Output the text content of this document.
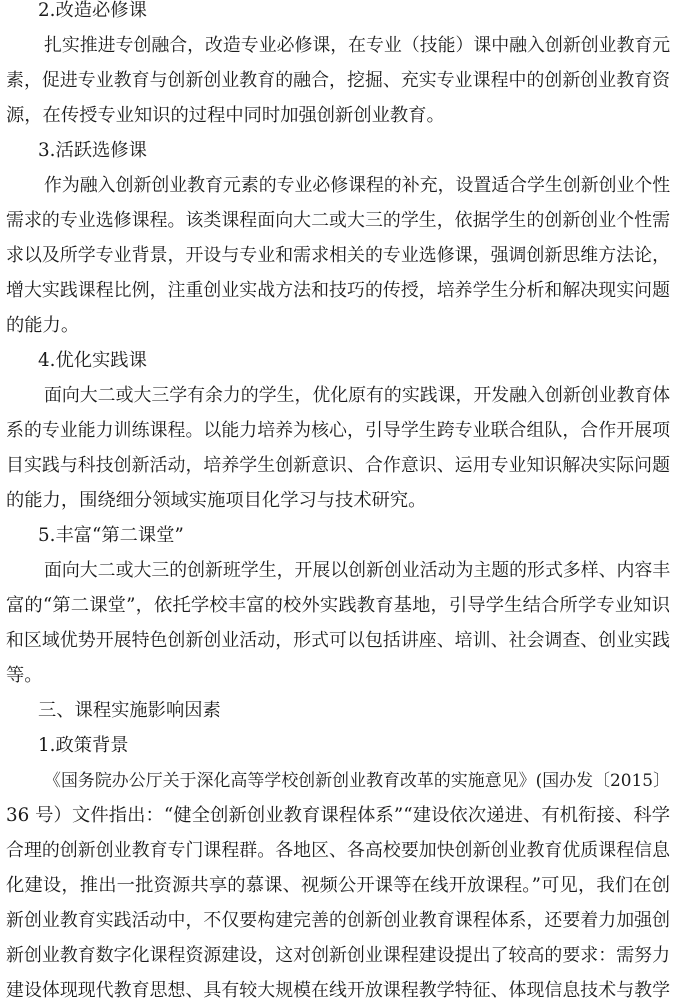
2.改造必修课
扎实推进专创融合，改造专业必修课，在专业（技能）课中融入创新创业教育元
素，促进专业教育与创新创业教育的融合，挖掘、充实专业课程中的创新创业教育资
源，在传授专业知识的过程中同时加强创新创业教育。
3.活跃选修课
作为融入创新创业教育元素的专业必修课程的补充，设置适合学生创新创业个性
需求的专业选修课程。该类课程面向大二或大三的学生，依据学生的创新创业个性需
求以及所学专业背景，开设与专业和需求相关的专业选修课，强调创新思维方法论，
增大实践课程比例，注重创业实战方法和技巧的传授，培养学生分析和解决现实问题
的能力。
4.优化实践课
面向大二或大三学有余力的学生，优化原有的实践课，开发融入创新创业教育体
系的专业能力训练课程。以能力培养为核心，引导学生跨专业联合组队，合作开展项
目实践与科技创新活动，培养学生创新意识、合作意识、运用专业知识解决实际问题
的能力，围绕细分领域实施项目化学习与技术研究。
5.丰富“第二课堂”
面向大二或大三的创新班学生，开展以创新创业活动为主题的形式多样、内容丰
富的“第二课堂”，依托学校丰富的校外实践教育基地，引导学生结合所学专业知识
和区域优势开展特色创新创业活动，形式可以包括讲座、培训、社会调查、创业实践
等。
三、课程实施影响因素
1.政策背景
《国务院办公厅关于深化高等学校创新创业教育改革的实施意见》(国办发〔2015〕
36 号）文件指出：“健全创新创业教育课程体系”“建设依次递进、有机衔接、科学
合理的创新创业教育专门课程群。各地区、各高校要加快创新创业教育优质课程信息
化建设，推出一批资源共享的慕课、视频公开课等在线开放课程。”可见，我们在创
新创业教育实践活动中，不仅要构建完善的创新创业教育课程体系，还要着力加强创
新创业教育数字化课程资源建设，这对创新创业课程建设提出了较高的要求：需努力
建设体现现代教育思想、具有较大规模在线开放课程教学特征、体现信息技术与教学
